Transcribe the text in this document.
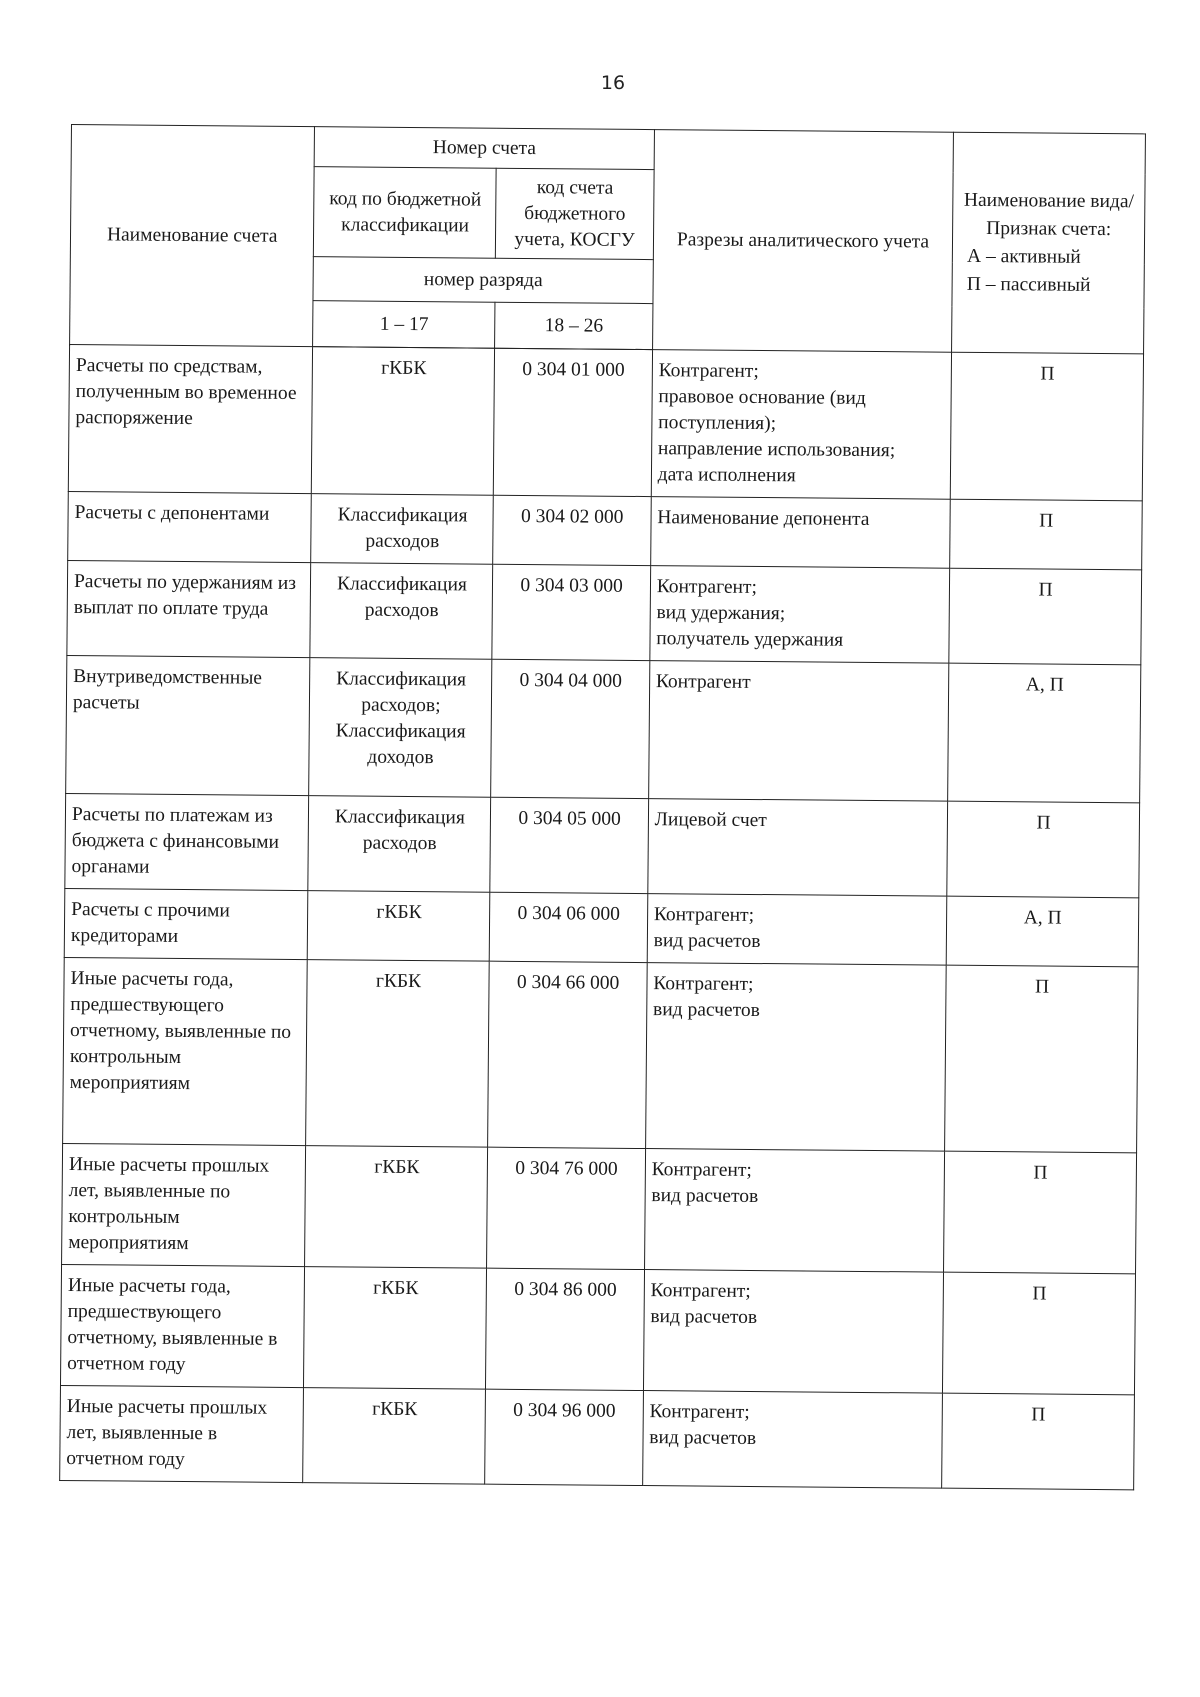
16
Наименование счета	Номер счета		Разрезы аналитического учета	Наименование вида/Признак счета:
А – активный
П – пассивный

	код по бюджетной классификации	код счета бюджетного учета, КОСГУ		
	номер разряда			
	1 – 17	18 – 26		

Расчеты по средствам, полученным во временное распоряжение	гКБК	0 304 01 000	Контрагент;
правовое основание (вид поступления);
направление использования;
дата исполнения	П
Расчеты с депонентами	Классификация расходов	0 304 02 000	Наименование депонента	П
Расчеты по удержаниям из выплат по оплате труда	Классификация расходов	0 304 03 000	Контрагент;
вид удержания;
получатель удержания	П
Внутриведомственные расчеты	Классификация расходов; Классификация доходов	0 304 04 000	Контрагент	А, П
Расчеты по платежам из бюджета с финансовыми органами	Классификация расходов	0 304 05 000	Лицевой счет	П
Расчеты с прочими кредиторами	гКБК	0 304 06 000	Контрагент;
вид расчетов	А, П
Иные расчеты года, предшествующего отчетному, выявленные по контрольным мероприятиям	гКБК	0 304 66 000	Контрагент;
вид расчетов	П
Иные расчеты прошлых лет, выявленные по контрольным мероприятиям	гКБК	0 304 76 000	Контрагент;
вид расчетов	П
Иные расчеты года, предшествующего отчетному, выявленные в отчетном году	гКБК	0 304 86 000	Контрагент;
вид расчетов	П
Иные расчеты прошлых лет, выявленные в отчетном году	гКБК	0 304 96 000	Контрагент;
вид расчетов	П
